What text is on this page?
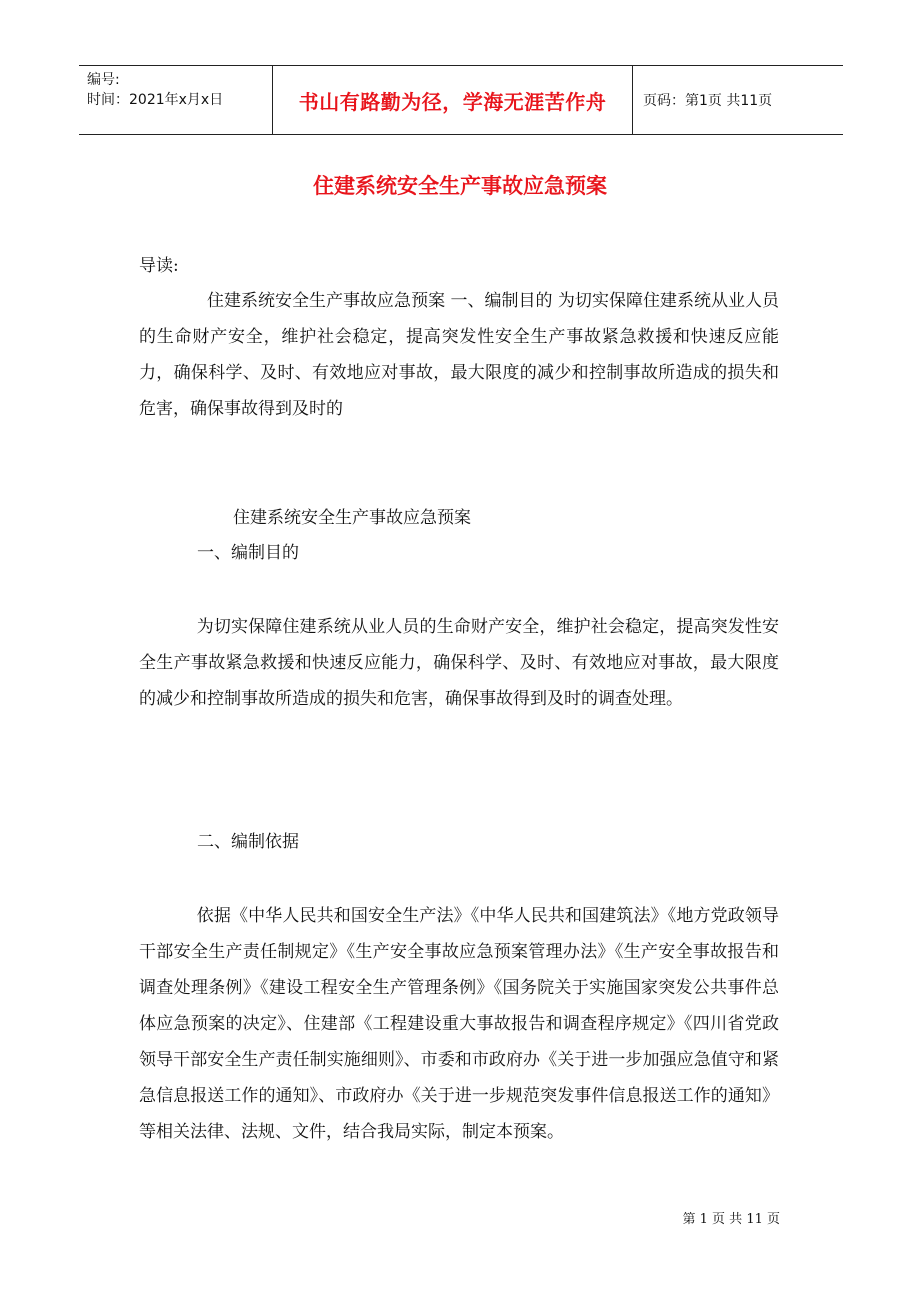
编号:
时间：2021年x月x日	书山有路勤为径，学海无涯苦作舟	页码：第1页 共11页
住建系统安全生产事故应急预案
导读:

住建系统安全生产事故应急预案 一、编制目的 为切实保障住建系统从业人员的生命财产安全，维护社会稳定，提高突发性安全生产事故紧急救援和快速反应能力，确保科学、及时、有效地应对事故，最大限度的减少和控制事故所造成的损失和危害，确保事故得到及时的

住建系统安全生产事故应急预案
一、编制目的

为切实保障住建系统从业人员的生命财产安全，维护社会稳定，提高突发性安全生产事故紧急救援和快速反应能力，确保科学、及时、有效地应对事故，最大限度的减少和控制事故所造成的损失和危害，确保事故得到及时的调查处理。

二、编制依据

依据《中华人民共和国安全生产法》《中华人民共和国建筑法》《地方党政领导干部安全生产责任制规定》《生产安全事故应急预案管理办法》《生产安全事故报告和调查处理条例》《建设工程安全生产管理条例》《国务院关于实施国家突发公共事件总体应急预案的决定》、住建部《工程建设重大事故报告和调查程序规定》《四川省党政领导干部安全生产责任制实施细则》、市委和市政府办《关于进一步加强应急值守和紧急信息报送工作的通知》、市政府办《关于进一步规范突发事件信息报送工作的通知》等相关法律、法规、文件，结合我局实际，制定本预案。

第 1 页 共 11 页
